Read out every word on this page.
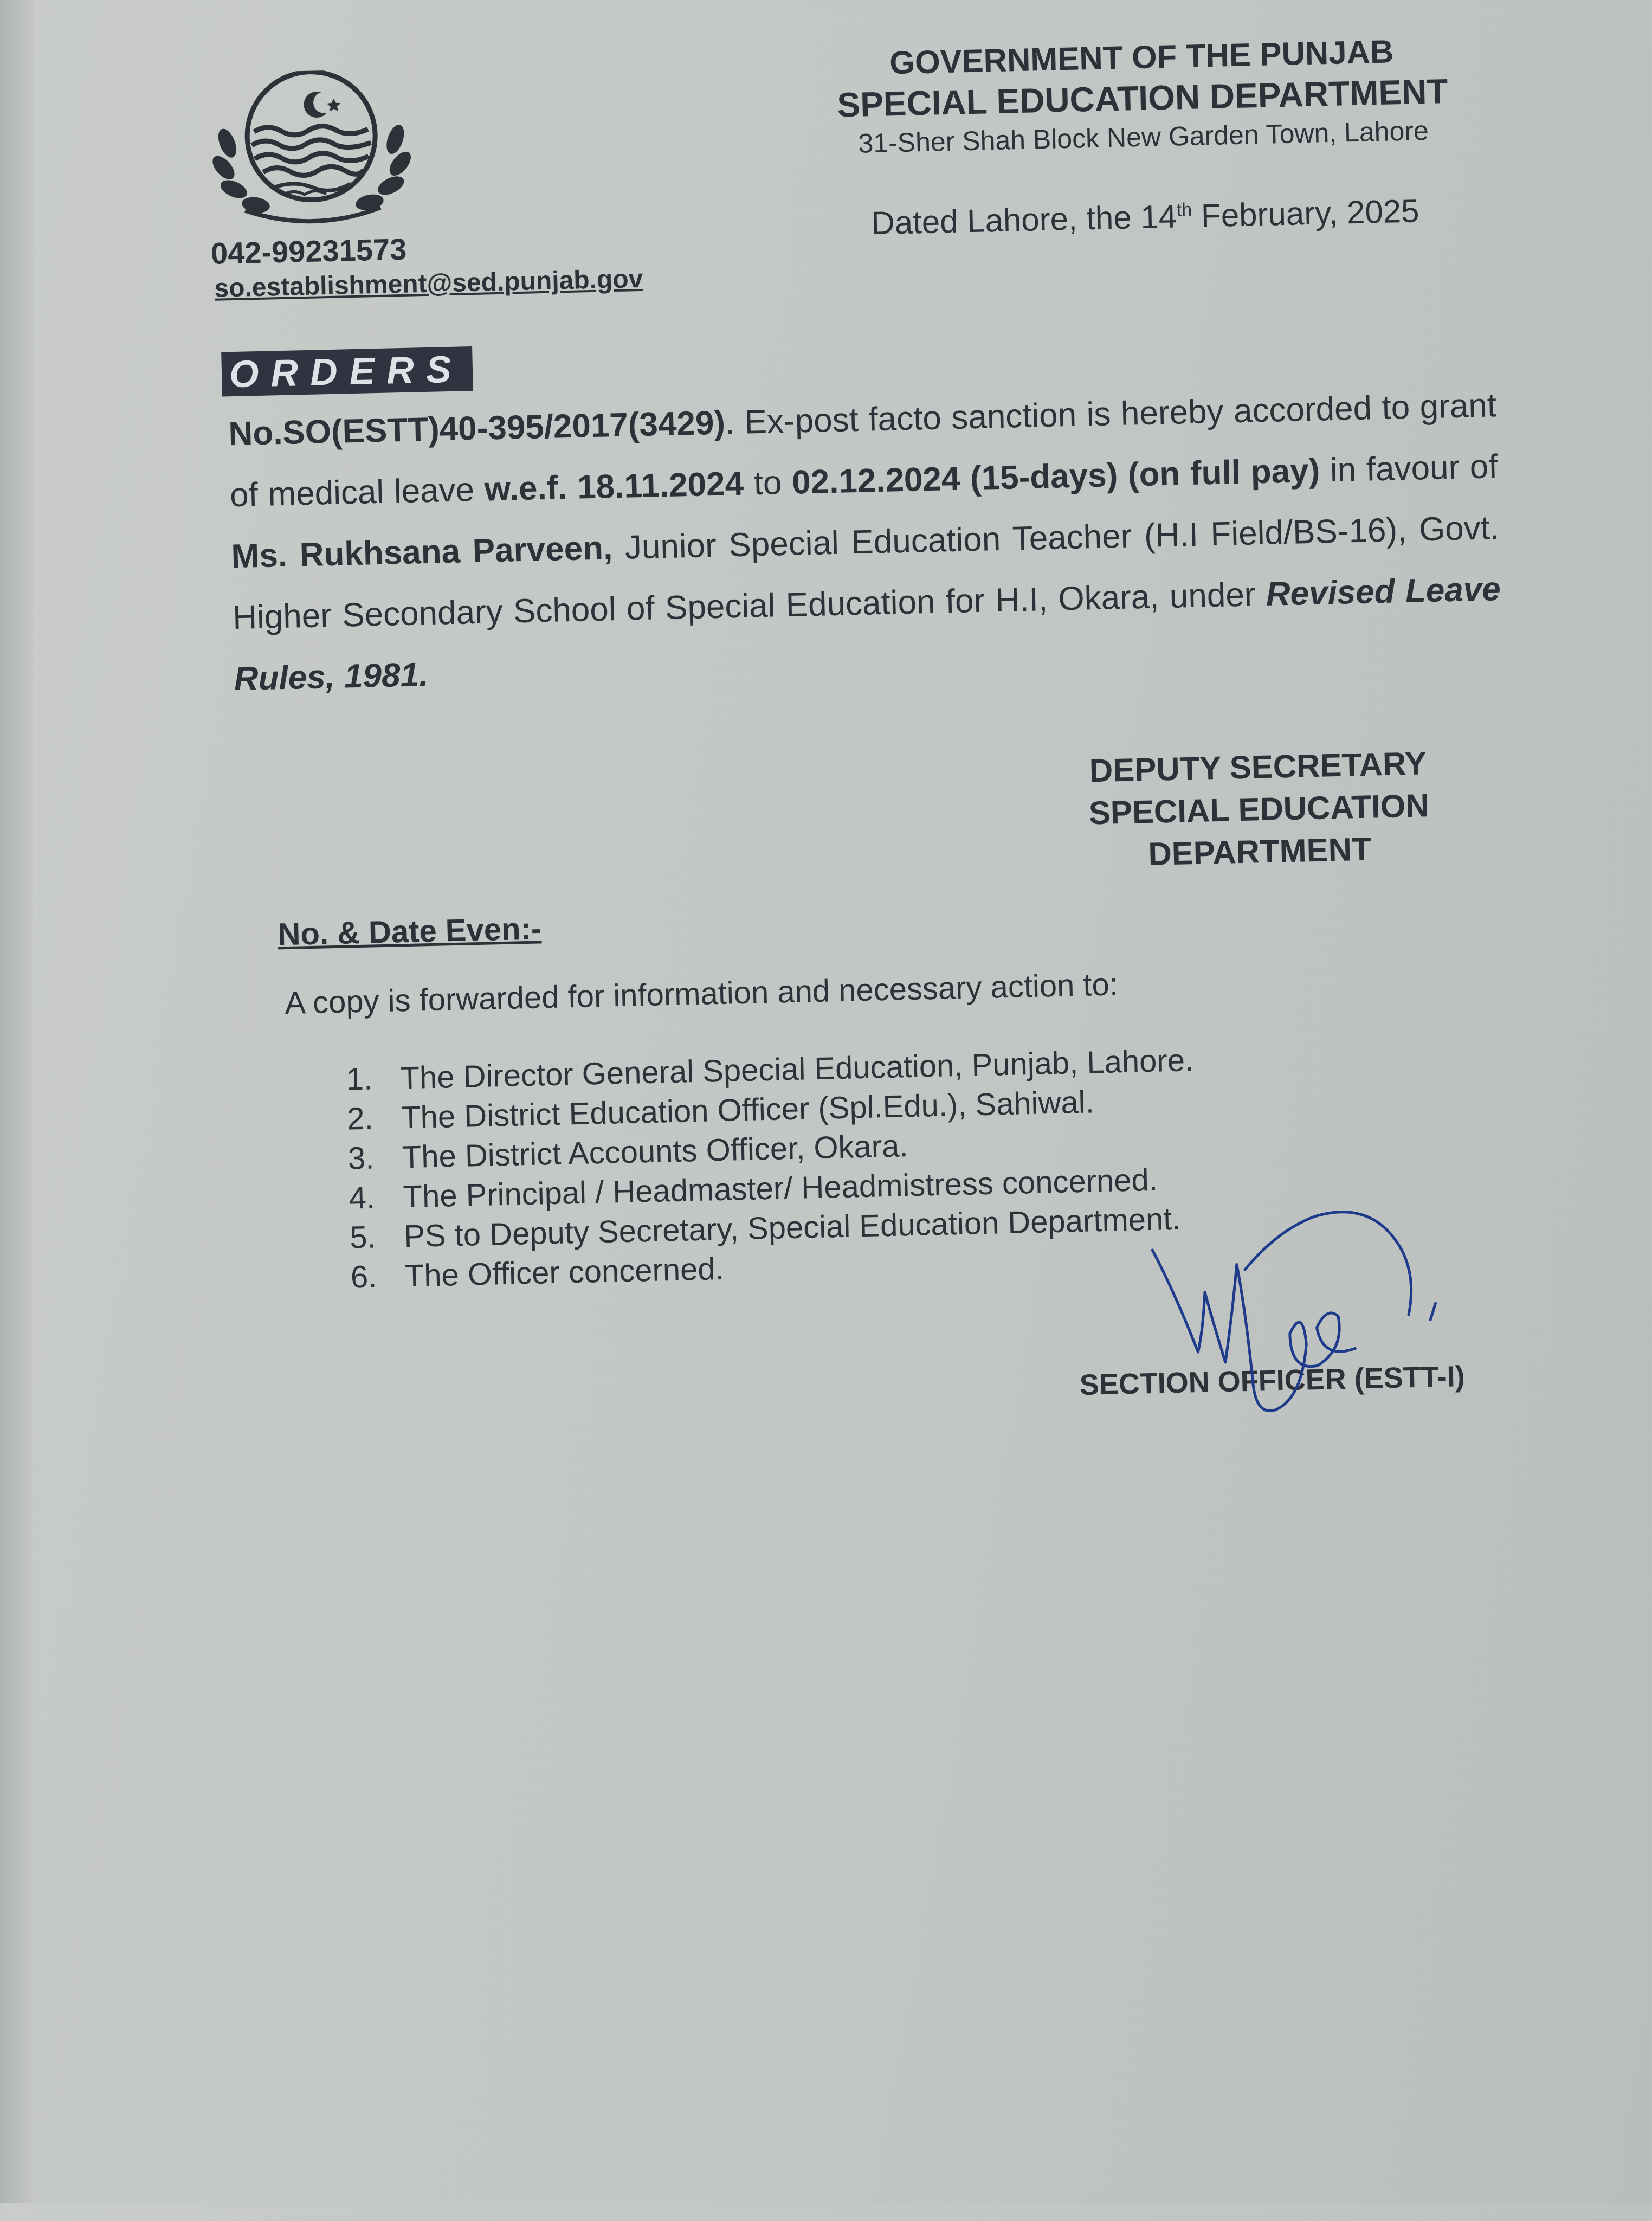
GOVERNMENT OF THE PUNJAB
SPECIAL EDUCATION DEPARTMENT
31-Sher Shah Block New Garden Town, Lahore
042-99231573
so.establishment@sed.punjab.gov
Dated Lahore, the 14th February, 2025
ORDERS
No.SO(ESTT)40-395/2017(3429). Ex-post facto sanction is hereby accorded to grant of medical leave w.e.f. 18.11.2024 to 02.12.2024 (15-days) (on full pay) in favour of Ms. Rukhsana Parveen, Junior Special Education Teacher (H.I Field/BS-16), Govt. Higher Secondary School of Special Education for H.I, Okara, under Revised Leave Rules, 1981.
DEPUTY SECRETARY
SPECIAL EDUCATION
DEPARTMENT
No. & Date Even:-
A copy is forwarded for information and necessary action to:
1. The Director General Special Education, Punjab, Lahore.
2. The District Education Officer (Spl.Edu.), Sahiwal.
3. The District Accounts Officer, Okara.
4. The Principal / Headmaster/ Headmistress concerned.
5. PS to Deputy Secretary, Special Education Department.
6. The Officer concerned.
SECTION OFFICER (ESTT-I)
